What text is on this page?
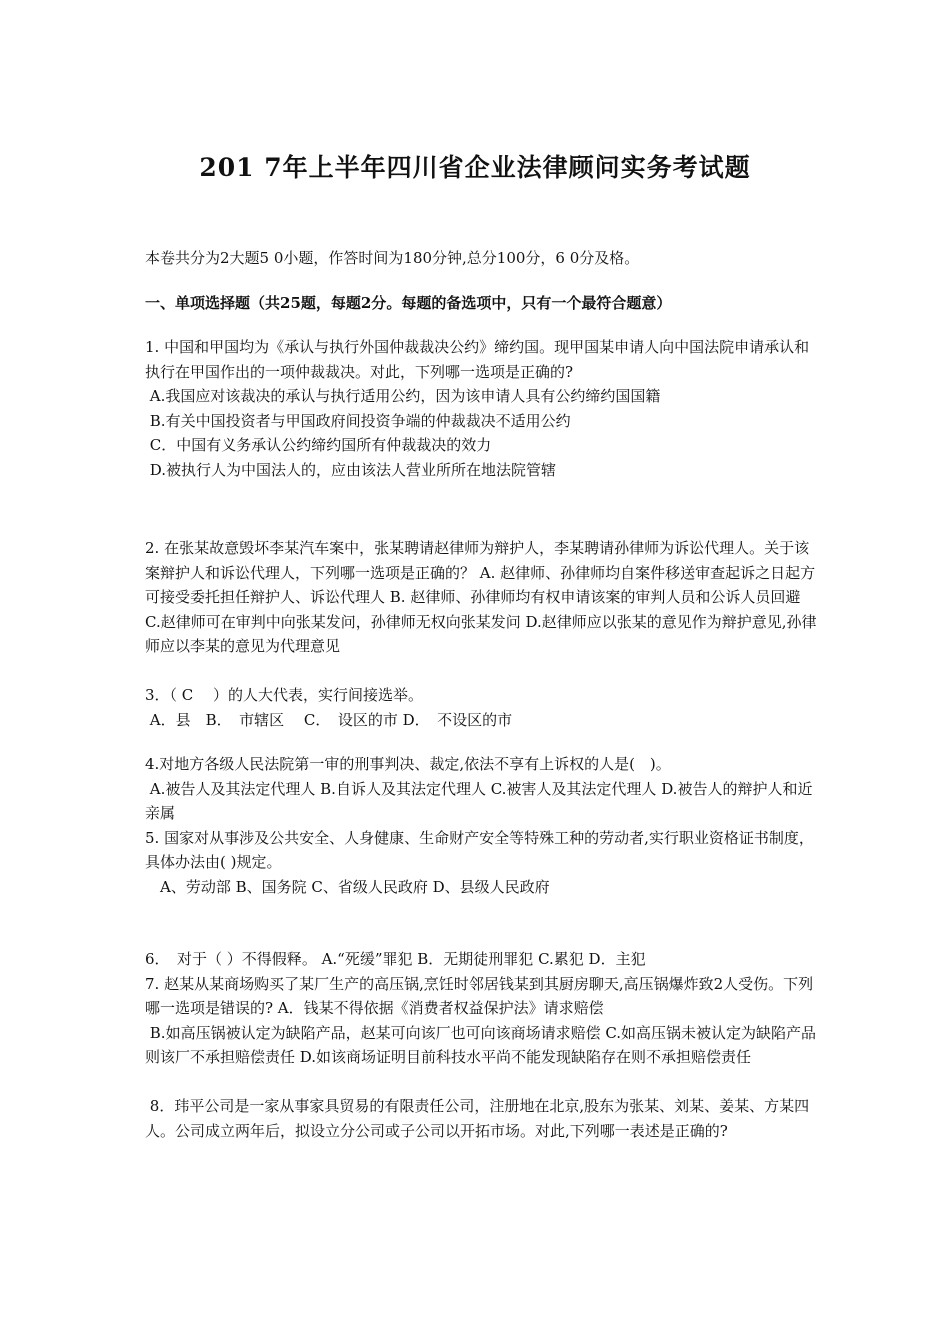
201 7年上半年四川省企业法律顾问实务考试题

本卷共分为2大题5 0小题，作答时间为180分钟,总分100分，6 0分及格。

一、单项选择题（共25题，每题2分。每题的备选项中，只有一个最符合题意）

1. 中国和甲国均为《承认与执行外国仲裁裁决公约》缔约国。现甲国某申请人向中国法院申请承认和执行在甲国作出的一项仲裁裁决。对此，下列哪一选项是正确的?

A.我国应对该裁决的承认与执行适用公约，因为该申请人具有公约缔约国国籍

B.有关中国投资者与甲国政府间投资争端的仲裁裁决不适用公约

C．中国有义务承认公约缔约国所有仲裁裁决的效力

D.被执行人为中国法人的，应由该法人营业所所在地法院管辖

2. 在张某故意毁坏李某汽车案中，张某聘请赵律师为辩护人，李某聘请孙律师为诉讼代理人。关于该案辩护人和诉讼代理人，下列哪一选项是正确的？ A. 赵律师、孙律师均自案件移送审查起诉之日起方可接受委托担任辩护人、诉讼代理人 B. 赵律师、孙律师均有权申请该案的审判人员和公诉人员回避 C.赵律师可在审判中向张某发问，孙律师无权向张某发问 D.赵律师应以张某的意见作为辩护意见,孙律师应以李某的意见为代理意见

3．（ C　 ）的人大代表，实行间接选举。

A．县　B．　市辖区　 C．　设区的市 D．　不设区的市

4.对地方各级人民法院第一审的刑事判决、裁定,依法不享有上诉权的人是(　)。

A.被告人及其法定代理人 B.自诉人及其法定代理人 C.被害人及其法定代理人 D.被告人的辩护人和近亲属

5. 国家对从事涉及公共安全、人身健康、生命财产安全等特殊工种的劳动者,实行职业资格证书制度，具体办法由( )规定。

　A、劳动部 B、国务院 C、省级人民政府 D、县级人民政府

6．　对于（ ）不得假释。 A.“死缓”罪犯 B．无期徒刑罪犯 C.累犯 D．主犯

7. 赵某从某商场购买了某厂生产的高压锅,烹饪时邻居钱某到其厨房聊天,高压锅爆炸致2人受伤。下列哪一选项是错误的? A．钱某不得依据《消费者权益保护法》请求赔偿

B.如高压锅被认定为缺陷产品，赵某可向该厂也可向该商场请求赔偿 C.如高压锅未被认定为缺陷产品则该厂不承担赔偿责任 D.如该商场证明目前科技水平尚不能发现缺陷存在则不承担赔偿责任

8．玮平公司是一家从事家具贸易的有限责任公司，注册地在北京,股东为张某、刘某、姜某、方某四人。公司成立两年后，拟设立分公司或子公司以开拓市场。对此,下列哪一表述是正确的?
